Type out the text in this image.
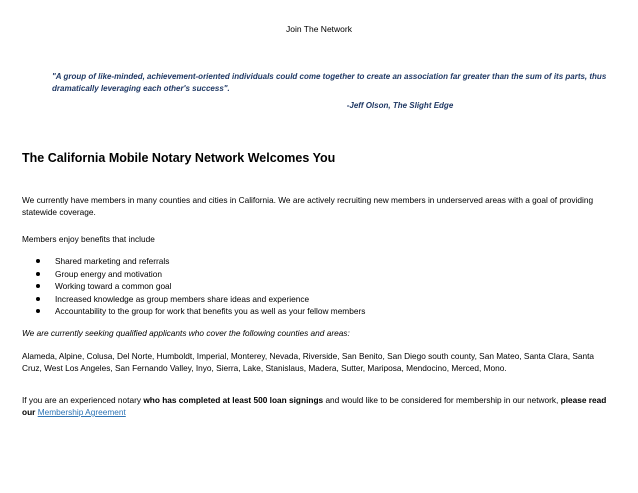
Join The Network
"A group of like-minded, achievement-oriented individuals could come together to create an association far greater than the sum of its parts, thus dramatically leveraging each other's success".
-Jeff Olson, The Slight Edge
The California Mobile Notary Network Welcomes You
We currently have members in many counties and cities in California. We are actively recruiting new members in underserved areas with a goal of providing statewide coverage.
Members enjoy benefits that include
Shared marketing and referrals
Group energy and motivation
Working toward a common goal
Increased knowledge as group members share ideas and experience
Accountability to the group for work that benefits you as well as your fellow members
We are currently seeking qualified applicants who cover the following counties and areas:
Alameda, Alpine, Colusa, Del Norte, Humboldt, Imperial, Monterey, Nevada, Riverside, San Benito, San Diego south county, San Mateo, Santa Clara, Santa Cruz, West Los Angeles, San Fernando Valley, Inyo, Sierra, Lake, Stanislaus, Madera, Sutter, Mariposa, Mendocino, Merced, Mono.
If you are an experienced notary who has completed at least 500 loan signings and would like to be considered for membership in our network, please read our Membership Agreement
